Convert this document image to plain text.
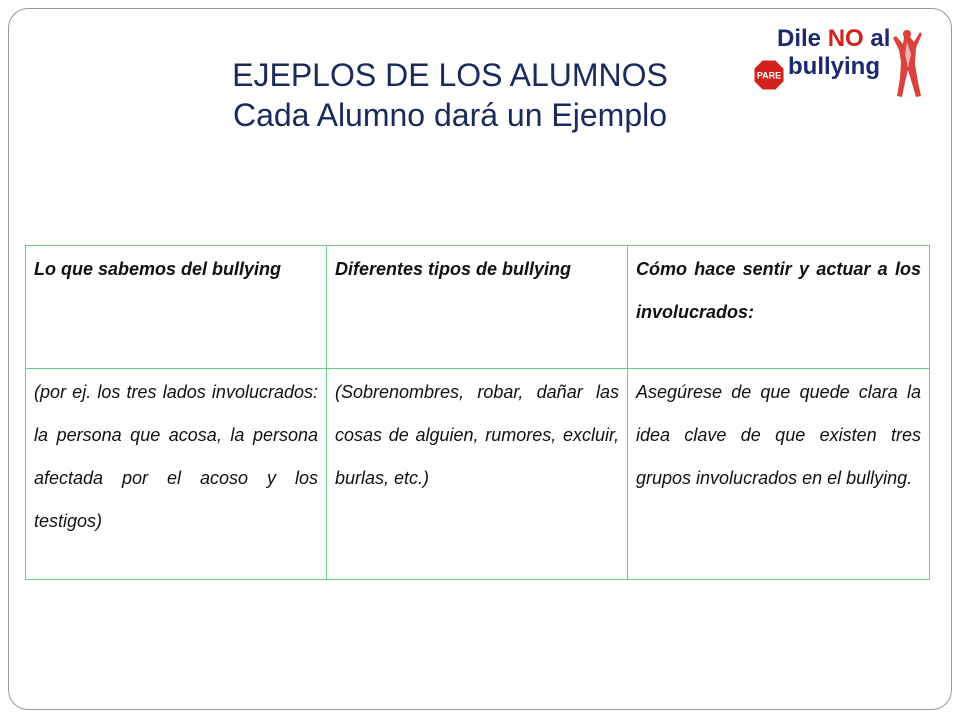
EJEPLOS DE LOS ALUMNOS
Cada Alumno dará un Ejemplo
Dile NO al
PARE bullying
Lo que sabemos del bullying	Diferentes tipos de bullying	Cómo hace sentir y actuar a los involucrados:
(por ej. los tres lados involucrados: la persona que acosa, la persona afectada por el acoso y los testigos)	(Sobrenombres, robar, dañar las cosas de alguien, rumores, excluir, burlas, etc.)	Asegúrese de que quede clara la idea clave de que existen tres grupos involucrados en el bullying.
